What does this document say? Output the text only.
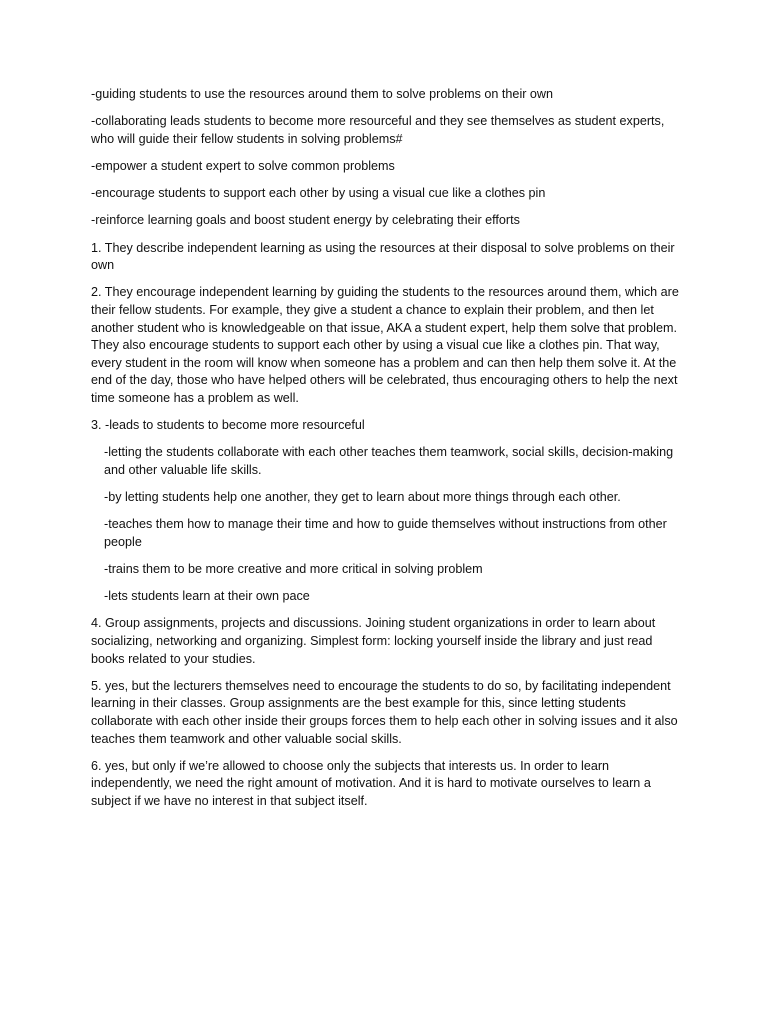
-guiding students to use the resources around them to solve problems on their own

-collaborating leads students to become more resourceful and they see themselves as student experts, who will guide their fellow students in solving problems#

-empower a student expert to solve common problems

-encourage students to support each other by using a visual cue like a clothes pin

-reinforce learning goals and boost student energy by celebrating their efforts

1. They describe independent learning as using the resources at their disposal to solve problems on their own

2. They encourage independent learning by guiding the students to the resources around them, which are their fellow students. For example, they give a student a chance to explain their problem, and then let another student who is knowledgeable on that issue, AKA a student expert, help them solve that problem. They also encourage students to support each other by using a visual cue like a clothes pin. That way, every student in the room will know when someone has a problem and can then help them solve it. At the end of the day, those who have helped others will be celebrated, thus encouraging others to help the next time someone has a problem as well.

3. -leads to students to become more resourceful

-letting the students collaborate with each other teaches them teamwork, social skills, decision-making and other valuable life skills.

-by letting students help one another, they get to learn about more things through each other.

-teaches them how to manage their time and how to guide themselves without instructions from other people

-trains them to be more creative and more critical in solving problem

-lets students learn at their own pace

4. Group assignments, projects and discussions. Joining student organizations in order to learn about socializing, networking and organizing. Simplest form: locking yourself inside the library and just read books related to your studies.

5. yes, but the lecturers themselves need to encourage the students to do so, by facilitating independent learning in their classes. Group assignments are the best example for this, since letting students collaborate with each other inside their groups forces them to help each other in solving issues and it also teaches them teamwork and other valuable social skills.

6. yes, but only if we’re allowed to choose only the subjects that interests us. In order to learn independently, we need the right amount of motivation. And it is hard to motivate ourselves to learn a subject if we have no interest in that subject itself.
